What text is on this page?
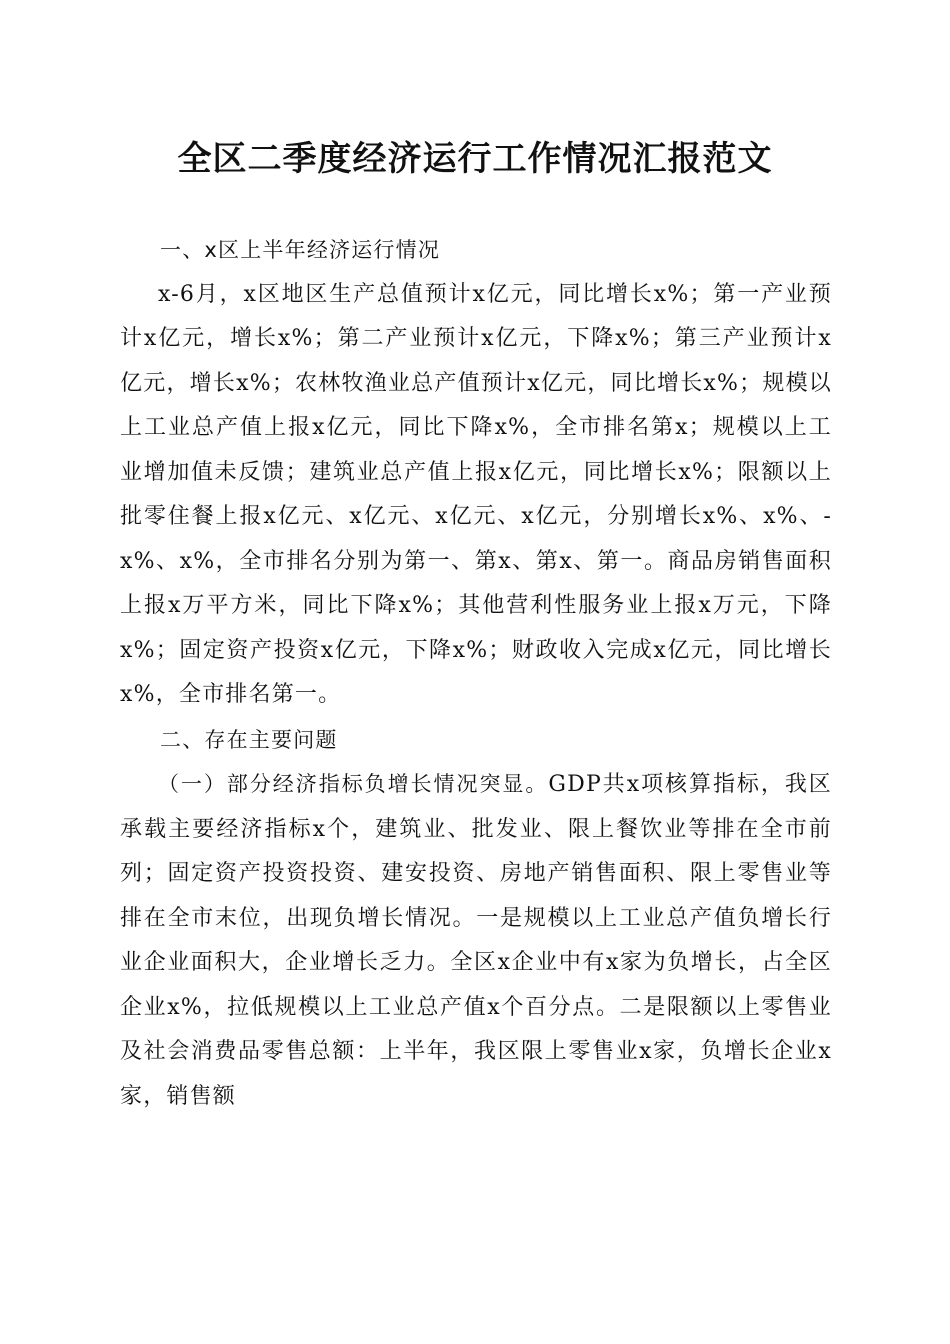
全区二季度经济运行工作情况汇报范文
一、x区上半年经济运行情况

x-6月，x区地区生产总值预计x亿元，同比增长x%；第一产业预计x亿元，增长x%；第二产业预计x亿元，下降x%；第三产业预计x亿元，增长x%；农林牧渔业总产值预计x亿元，同比增长x%；规模以上工业总产值上报x亿元，同比下降x%，全市排名第x；规模以上工业增加值未反馈；建筑业总产值上报x亿元，同比增长x%；限额以上批零住餐上报x亿元、x亿元、x亿元、x亿元，分别增长x%、x%、-x%、x%，全市排名分别为第一、第x、第x、第一。商品房销售面积上报x万平方米，同比下降x%；其他营利性服务业上报x万元，下降x%；固定资产投资x亿元，下降x%；财政收入完成x亿元，同比增长x%，全市排名第一。

二、存在主要问题

（一）部分经济指标负增长情况突显。GDP共x项核算指标，我区承载主要经济指标x个，建筑业、批发业、限上餐饮业等排在全市前列；固定资产投资投资、建安投资、房地产销售面积、限上零售业等排在全市末位，出现负增长情况。一是规模以上工业总产值负增长行业企业面积大，企业增长乏力。全区x企业中有x家为负增长，占全区企业x%，拉低规模以上工业总产值x个百分点。二是限额以上零售业及社会消费品零售总额：上半年，我区限上零售业x家，负增长企业x家，销售额
